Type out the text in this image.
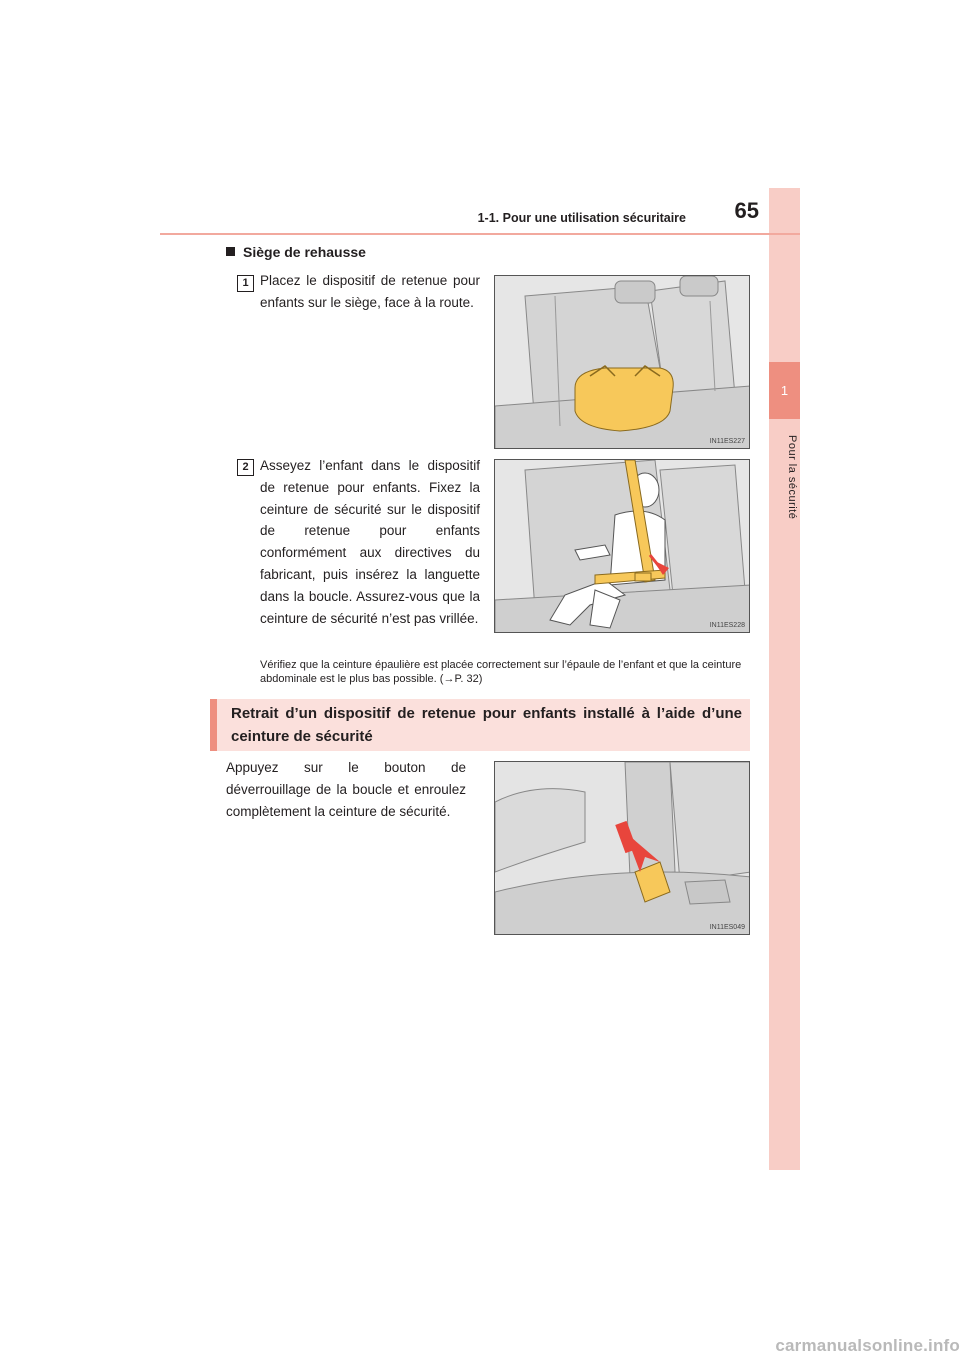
1
Pour la sécurité
1-1. Pour une utilisation sécuritaire 65
Siège de rehausse
1 Placez le dispositif de retenue pour enfants sur le siège, face à la route.
IN11ES227
2 Asseyez l’enfant dans le dispositif de retenue pour enfants. Fixez la ceinture de sécurité sur le dispositif de retenue pour enfants conformément aux directives du fabricant, puis insérez la languette dans la boucle. Assurez-vous que la ceinture de sécurité n’est pas vrillée.	IN11ES228
Vérifiez que la ceinture épaulière est placée correctement sur l’épaule de l’enfant et que la ceinture abdominale est le plus bas possible. (→P. 32)
Retrait d’un dispositif de retenue pour enfants installé à l’aide d’une ceinture de sécurité
Appuyez sur le bouton de déverrouillage de la boucle et enroulez complètement la ceinture de sécurité.
IN11ES049
carmanualsonline.info
